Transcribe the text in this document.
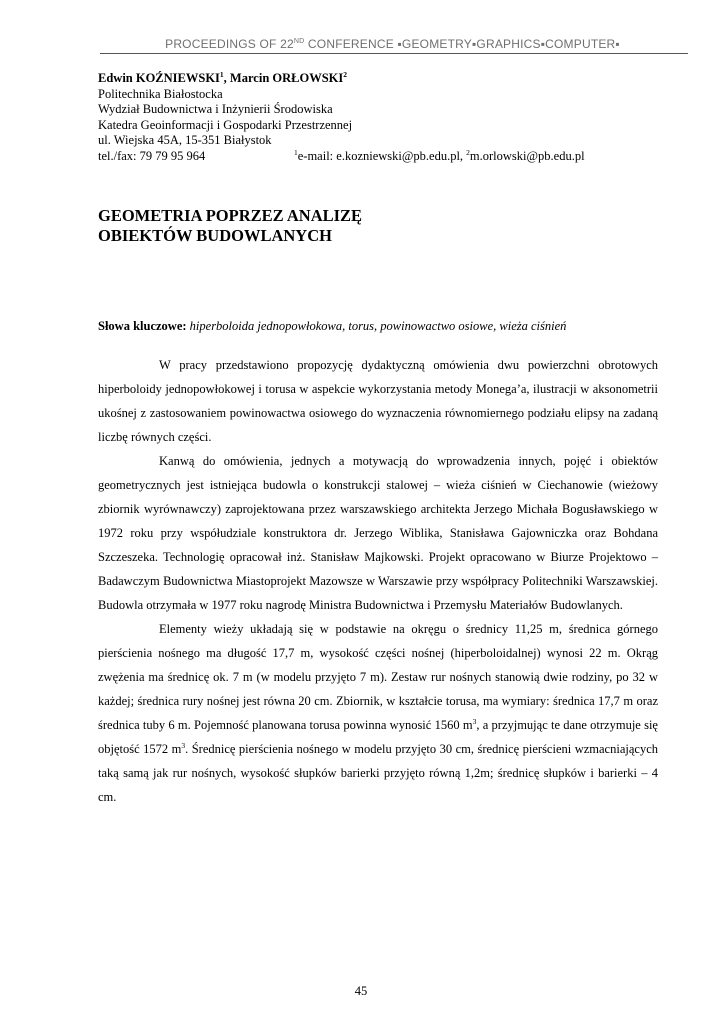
PROCEEDINGS OF 22ND CONFERENCE ▪GEOMETRY▪GRAPHICS▪COMPUTER▪
Edwin KOŹNIEWSKI$^1$, Marcin ORŁOWSKI$^2$
Politechnika Białostocka
Wydział Budownictwa i Inżynierii Środowiska
Katedra Geoinformacji i Gospodarki Przestrzennej
ul. Wiejska 45A, 15-351 Białystok
tel./fax: 79 79 95 964	$^1$e-mail: e.kozniewski@pb.edu.pl, $^2$m.orlowski@pb.edu.pl
GEOMETRIA POPRZEZ ANALIZĘ
OBIEKTÓW BUDOWLANYCH
Słowa kluczowe: hiperboloida jednopowłokowa, torus, powinowactwo osiowe, wieża ciśnień

W pracy przedstawiono propozycję dydaktyczną omówienia dwu powierzchni obrotowych hiperboloidy jednopowłokowej i torusa w aspekcie wykorzystania metody Monega’a, ilustracji w aksonometrii ukośnej z zastosowaniem powinowactwa osiowego do wyznaczenia równomiernego podziału elipsy na zadaną liczbę równych części.

Kanwą do omówienia, jednych a motywacją do wprowadzenia innych, pojęć i obiektów geometrycznych jest istniejąca budowla o konstrukcji stalowej – wieża ciśnień w Ciechanowie (wieżowy zbiornik wyrównawczy) zaprojektowana przez warszawskiego architekta Jerzego Michała Bogusławskiego w 1972 roku przy współudziale konstruktora dr. Jerzego Wiblika, Stanisława Gajowniczka oraz Bohdana Szczeszeka. Technologię opracował inż. Stanisław Majkowski. Projekt opracowano w Biurze Projektowo – Badawczym Budownictwa Miastoprojekt Mazowsze w Warszawie przy współpracy Politechniki Warszawskiej. Budowla otrzymała w 1977 roku nagrodę Ministra Budownictwa i Przemysłu Materiałów Budowlanych.

Elementy wieży układają się w podstawie na okręgu o średnicy 11,25 m, średnica górnego pierścienia nośnego ma długość 17,7 m, wysokość części nośnej (hiperboloidalnej) wynosi 22 m. Okrąg zwężenia ma średnicę ok. 7 m (w modelu przyjęto 7 m). Zestaw rur nośnych stanowią dwie rodziny, po 32 w każdej; średnica rury nośnej jest równa 20 cm. Zbiornik, w kształcie torusa, ma wymiary: średnica 17,7 m oraz średnica tuby 6 m. Pojemność planowana torusa powinna wynosić 1560 $m^3$, a przyjmując te dane otrzymuje się objętość 1572 $m^3$. Średnicę pierścienia nośnego w modelu przyjęto 30 cm, średnicę pierścieni wzmacniających taką samą jak rur nośnych, wysokość słupków barierki przyjęto równą 1,2m; średnicę słupków i barierki – 4 cm.

45
